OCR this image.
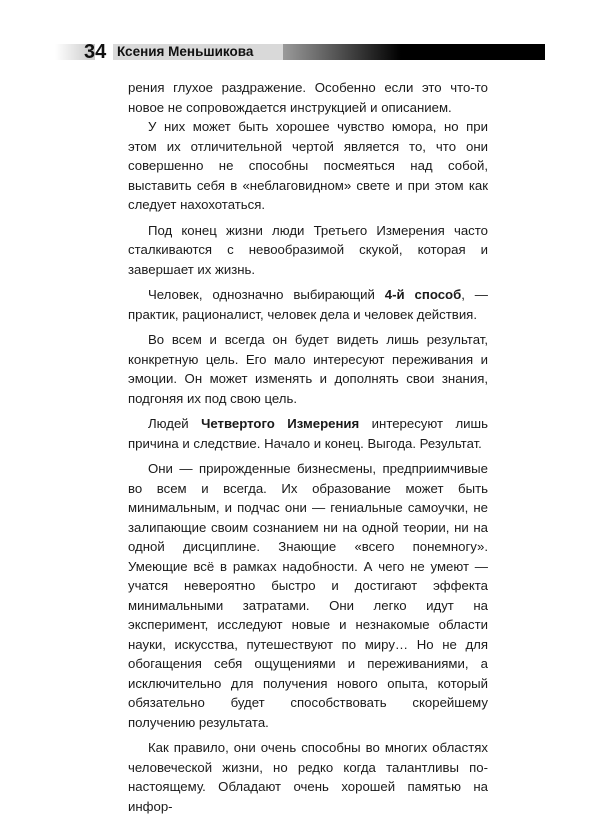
34 Ксения Меньшикова

рения глухое раздражение. Особенно если это что-то новое не сопровождается инструкцией и описанием.

У них может быть хорошее чувство юмора, но при этом их отличительной чертой является то, что они совершенно не способны посмеяться над собой, выставить себя в «неблаговидном» свете и при этом как следует нахохотаться.

Под конец жизни люди Третьего Измерения часто сталкиваются с невообразимой скукой, которая и завершает их жизнь.

Человек, однозначно выбирающий 4-й способ, — практик, рационалист, человек дела и человек действия.

Во всем и всегда он будет видеть лишь результат, конкретную цель. Его мало интересуют переживания и эмоции. Он может изменять и дополнять свои знания, подгоняя их под свою цель.

Людей Четвертого Измерения интересуют лишь причина и следствие. Начало и конец. Выгода. Результат.

Они — прирожденные бизнесмены, предприимчивые во всем и всегда. Их образование может быть минимальным, и подчас они — гениальные самоучки, не залипающие своим сознанием ни на одной теории, ни на одной дисциплине. Знающие «всего понемногу». Умеющие всё в рамках надобности. А чего не умеют — учатся невероятно быстро и достигают эффекта минимальными затратами. Они легко идут на эксперимент, исследуют новые и незнакомые области науки, искусства, путешествуют по миру… Но не для обогащения себя ощущениями и переживаниями, а исключительно для получения нового опыта, который обязательно будет способствовать скорейшему получению результата.

Как правило, они очень способны во многих областях человеческой жизни, но редко когда талантливы по-настоящему. Обладают очень хорошей памятью на инфор-
